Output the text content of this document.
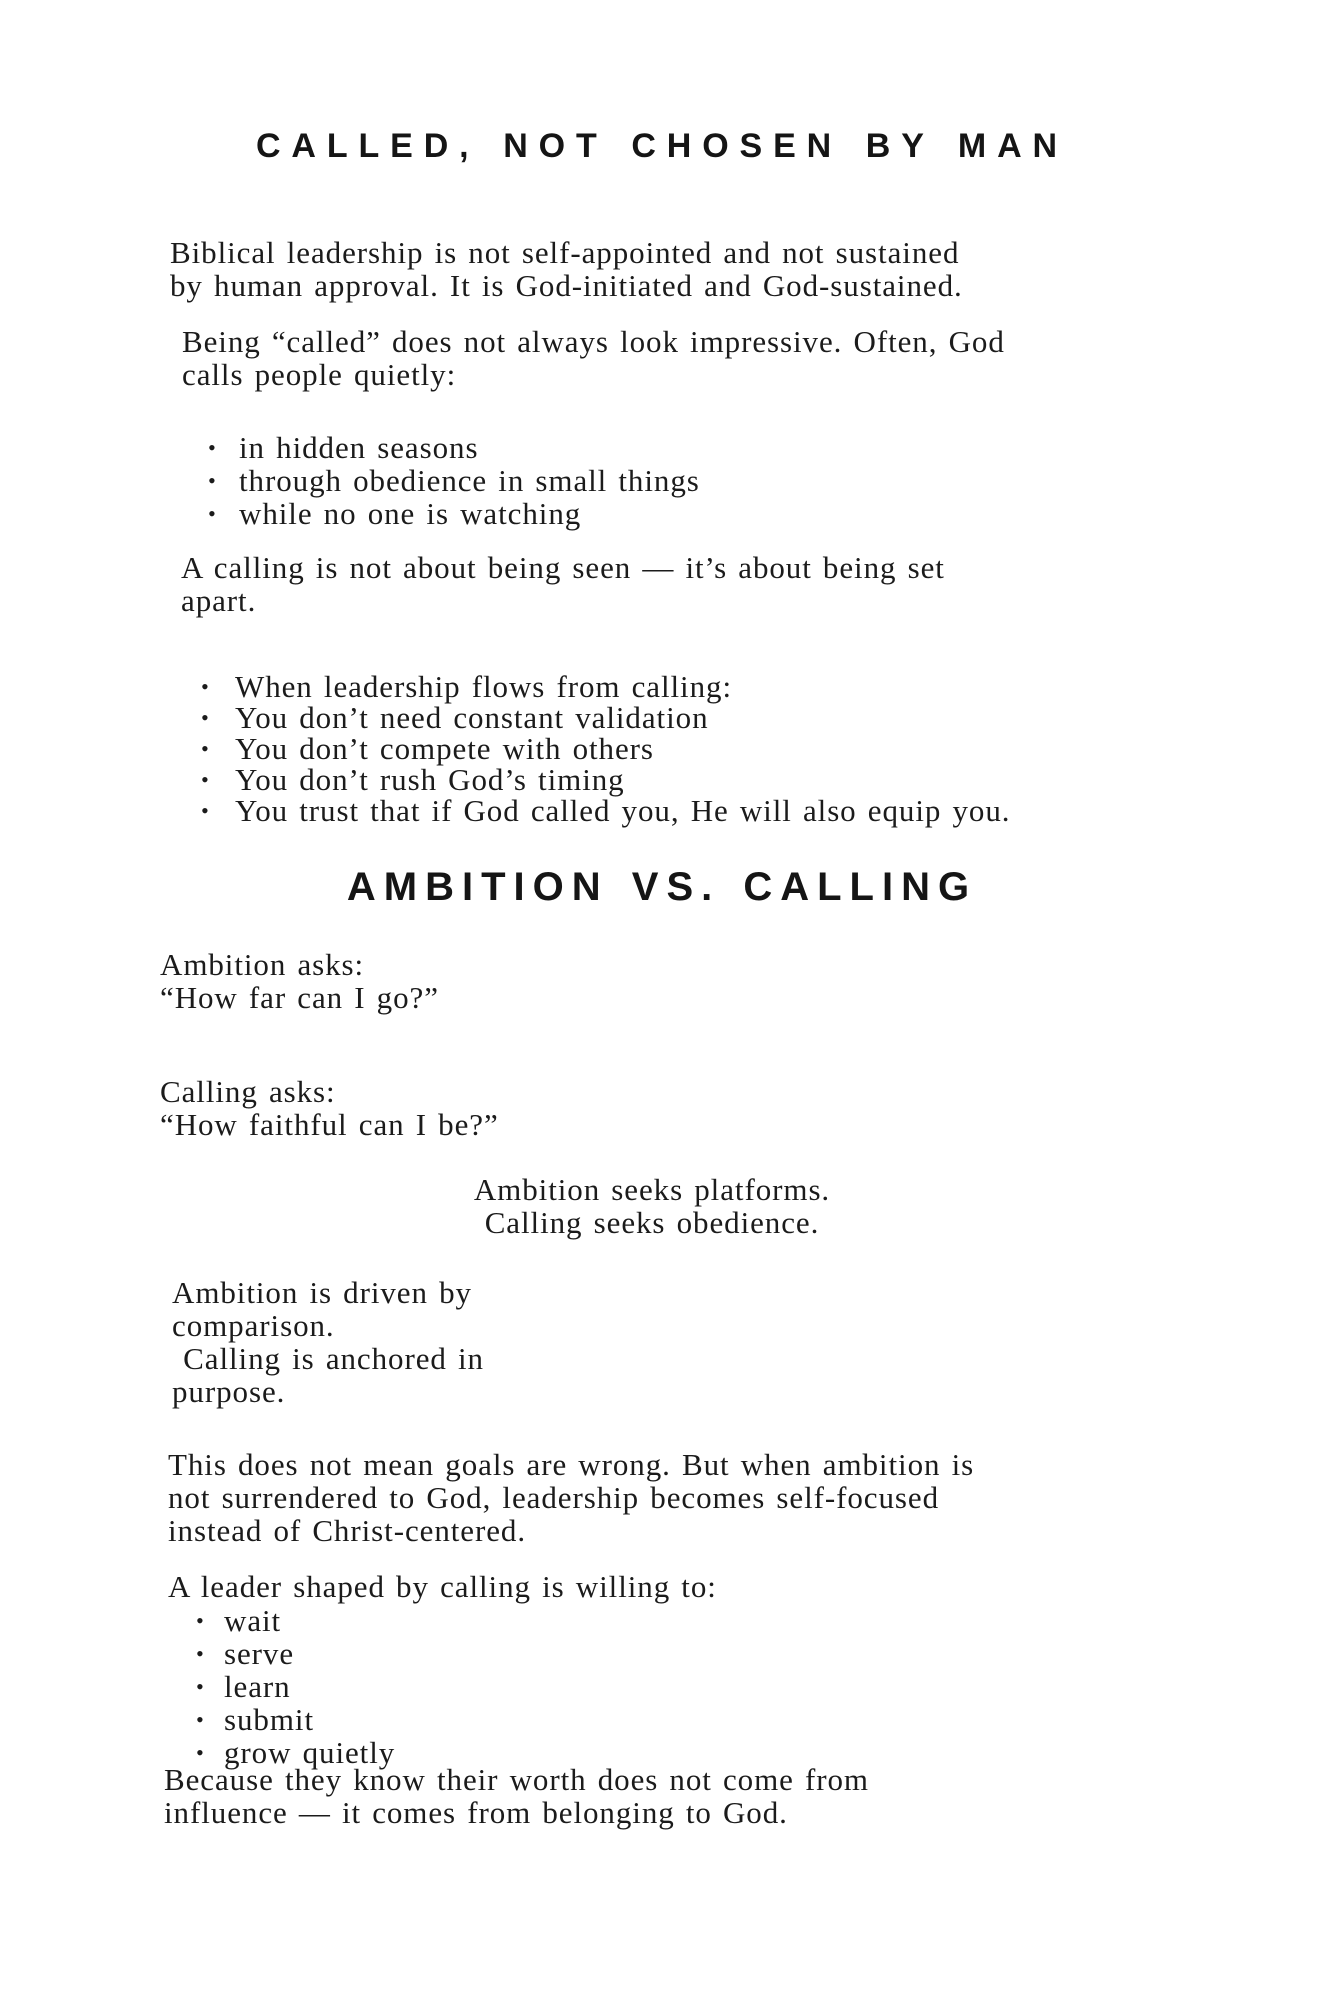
CALLED, NOT CHOSEN BY MAN
Biblical leadership is not self-appointed and not sustained
by human approval. It is God-initiated and God-sustained.
Being “called” does not always look impressive. Often, God
calls people quietly:
• in hidden seasons
• through obedience in small things
• while no one is watching
A calling is not about being seen — it’s about being set
apart.
• When leadership flows from calling:
• You don’t need constant validation
• You don’t compete with others
• You don’t rush God’s timing
• You trust that if God called you, He will also equip you.
AMBITION VS. CALLING
Ambition asks:
“How far can I go?”
Calling asks:
“How faithful can I be?”
Ambition seeks platforms.
Calling seeks obedience.
Ambition is driven by
comparison.
Calling is anchored in
purpose.
This does not mean goals are wrong. But when ambition is
not surrendered to God, leadership becomes self-focused
instead of Christ-centered.
A leader shaped by calling is willing to:
• wait
• serve
• learn
• submit
• grow quietly
Because they know their worth does not come from
influence — it comes from belonging to God.
